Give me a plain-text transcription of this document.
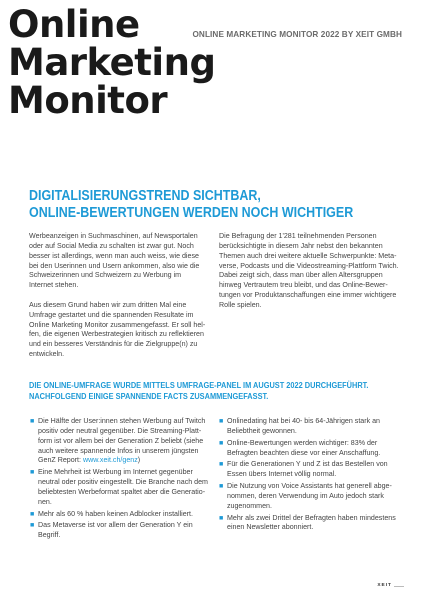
Online
Marketing
Monitor
ONLINE MARKETING MONITOR 2022 BY XEIT GMBH
DIGITALISIERUNGSTREND SICHTBAR,
ONLINE-BEWERTUNGEN WERDEN NOCH WICHTIGER

Werbeanzeigen in Suchmaschinen, auf Newsportalen oder auf Social Media zu schalten ist zwar gut. Noch besser ist allerdings, wenn man auch weiss, wie diese bei den Userinnen und Usern ankommen, also wie die Schweizerinnen und Schweizern zu Werbung im Internet stehen.

Aus diesem Grund haben wir zum dritten Mal eine Umfrage gestartet und die spannenden Resultate im Online Marketing Monitor zusammengefasst. Er soll helfen, die eigenen Werbestrategien kritisch zu reflektieren und ein besseres Verständnis für die Zielgruppe(n) zu entwickeln.

Die Befragung der 1'281 teilnehmenden Personen berücksichtigte in diesem Jahr nebst den bekannten Themen auch drei weitere aktuelle Schwerpunkte: Metaverse, Podcasts und die Videostreaming-Plattform Twich. Dabei zeigt sich, dass man über allen Altersgruppen hinweg Vertrautem treu bleibt, und das Online-Bewertungen vor Produktanschaffungen eine immer wichtigere Rolle spielen.

DIE ONLINE-UMFRAGE WURDE MITTELS UMFRAGE-PANEL IM AUGUST 2022 DURCHGEFÜHRT.
NACHFOLGEND EINIGE SPANNENDE FACTS ZUSAMMENGEFASST.
■ Die Hälfte der User:innen stehen Werbung auf Twitch positiv oder neutral gegenüber. Die Streaming-Plattform ist vor allem bei der Generation Z beliebt (siehe auch weitere spannende Infos in unserem jüngsten GenZ Report: www.xeit.ch/genz)
■ Eine Mehrheit ist Werbung im Internet gegenüber neutral oder positiv eingestellt. Die Branche nach dem beliebtesten Werbeformat spaltet aber die Generationen.
■ Mehr als 60 % haben keinen Adblocker installiert.
■ Das Metaverse ist vor allem der Generation Y ein Begriff.
■ Onlinedating hat bei 40- bis 64-Jährigen stark an Beliebtheit gewonnen.
■ Online-Bewertungen werden wichtiger: 83% der Befragten beachten diese vor einer Anschaffung.
■ Für die Generationen Y und Z ist das Bestellen von Essen übers Internet völlig normal.
■ Die Nutzung von Voice Assistants hat generell abgenommen, deren Verwendung im Auto jedoch stark zugenommen.
■ Mehr als zwei Drittel der Befragten haben mindestens einen Newsletter abonniert.
XEIT
